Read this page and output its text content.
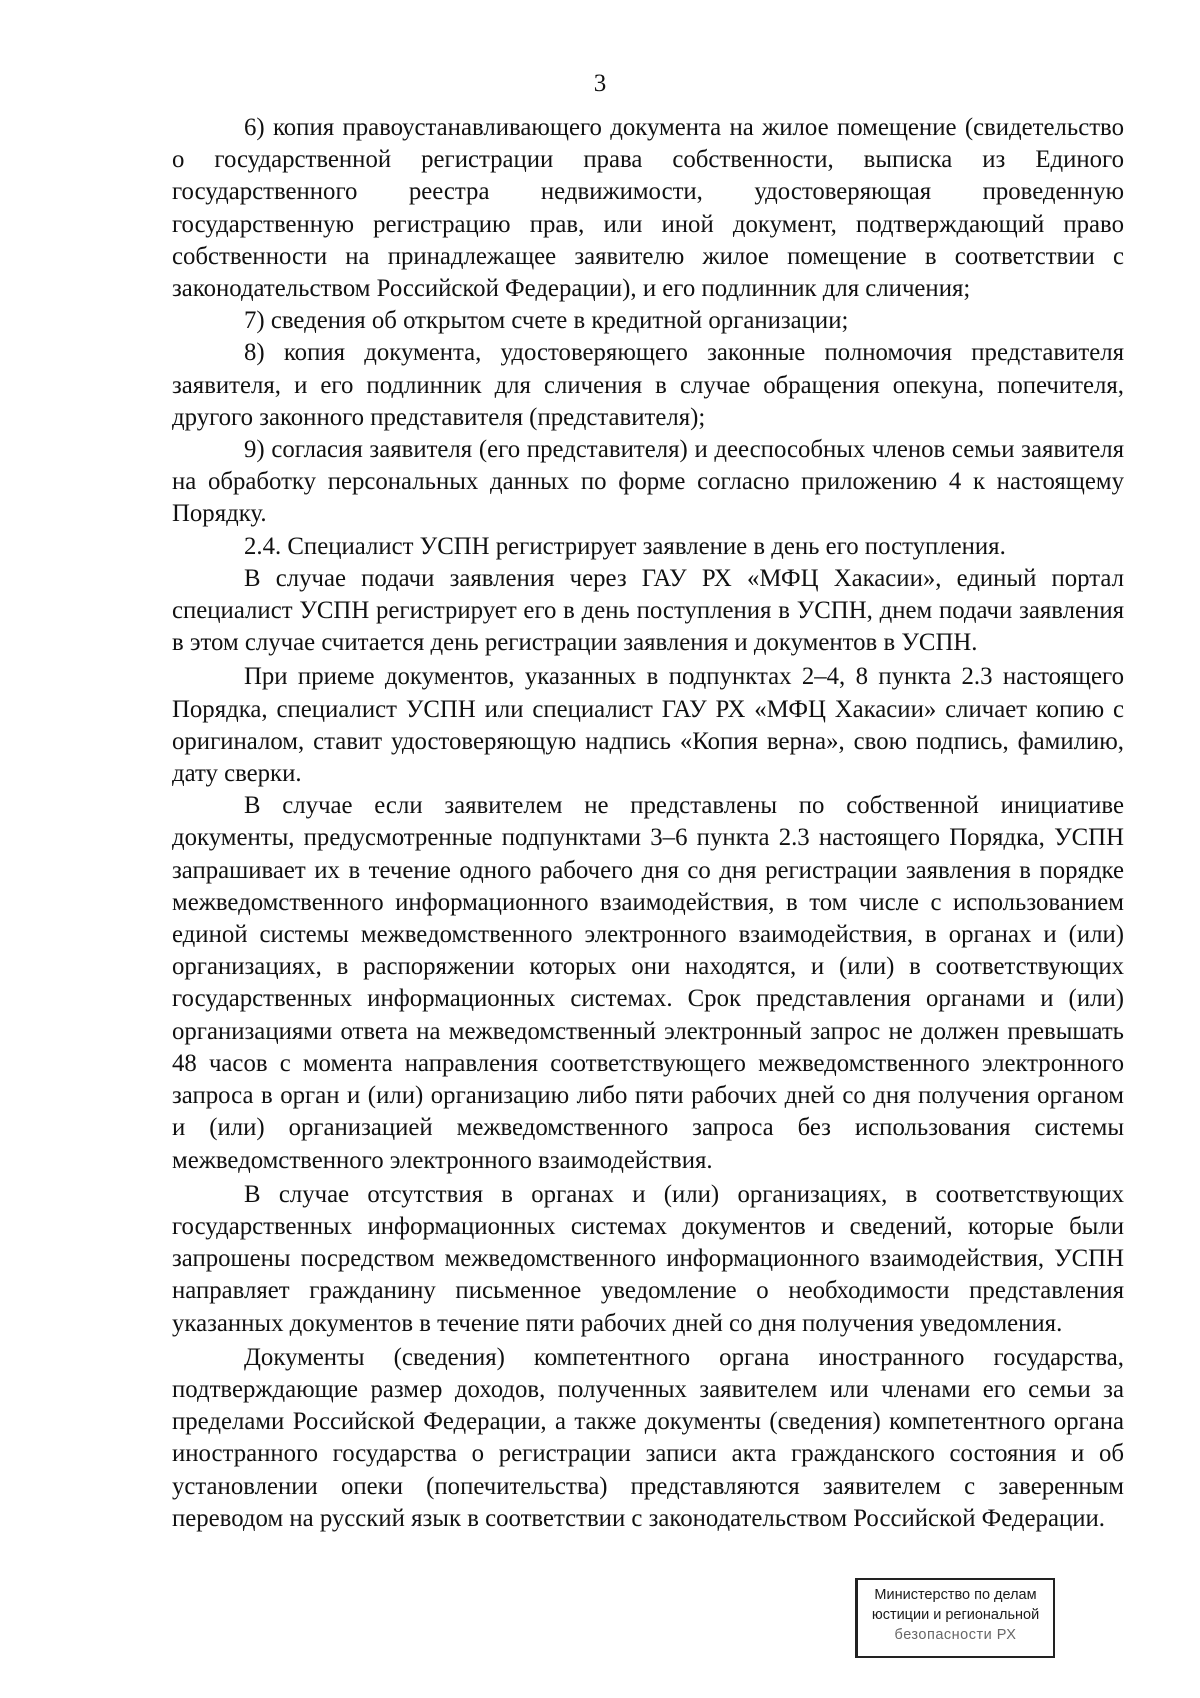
3

6) копия правоустанавливающего документа на жилое помещение (свидетельство о государственной регистрации права собственности, выписка из Единого государственного реестра недвижимости, удостоверяющая проведенную государственную регистрацию прав, или иной документ, подтверждающий право собственности на принадлежащее заявителю жилое помещение в соответствии с законодательством Российской Федерации), и его подлинник для сличения;

7) сведения об открытом счете в кредитной организации;

8) копия документа, удостоверяющего законные полномочия представителя заявителя, и его подлинник для сличения в случае обращения опекуна, попечителя, другого законного представителя (представителя);

9) согласия заявителя (его представителя) и дееспособных членов семьи заявителя на обработку персональных данных по форме согласно приложению 4 к настоящему Порядку.

2.4. Специалист УСПН регистрирует заявление в день его поступления.

В случае подачи заявления через ГАУ РХ «МФЦ Хакасии», единый портал специалист УСПН регистрирует его в день поступления в УСПН, днем подачи заявления в этом случае считается день регистрации заявления и документов в УСПН.

При приеме документов, указанных в подпунктах 2–4, 8 пункта 2.3 настоящего Порядка, специалист УСПН или специалист ГАУ РХ «МФЦ Хакасии» сличает копию с оригиналом, ставит удостоверяющую надпись «Копия верна», свою подпись, фамилию, дату сверки.

В случае если заявителем не представлены по собственной инициативе документы, предусмотренные подпунктами 3–6 пункта 2.3 настоящего Порядка, УСПН запрашивает их в течение одного рабочего дня со дня регистрации заявления в порядке межведомственного информационного взаимодействия, в том числе с использованием единой системы межведомственного электронного взаимодействия, в органах и (или) организациях, в распоряжении которых они находятся, и (или) в соответствующих государственных информационных системах. Срок представления органами и (или) организациями ответа на межведомственный электронный запрос не должен превышать 48 часов с момента направления соответствующего межведомственного электронного запроса в орган и (или) организацию либо пяти рабочих дней со дня получения органом и (или) организацией межведомственного запроса без использования системы межведомственного электронного взаимодействия.

В случае отсутствия в органах и (или) организациях, в соответствующих государственных информационных системах документов и сведений, которые были запрошены посредством межведомственного информационного взаимодействия, УСПН направляет гражданину письменное уведомление о необходимости представления указанных документов в течение пяти рабочих дней со дня получения уведомления.

Документы (сведения) компетентного органа иностранного государства, подтверждающие размер доходов, полученных заявителем или членами его семьи за пределами Российской Федерации, а также документы (сведения) компетентного органа иностранного государства о регистрации записи акта гражданского состояния и об установлении опеки (попечительства) представляются заявителем с заверенным переводом на русский язык в соответствии с законодательством Российской Федерации.

Министерство по делам
юстиции и региональной
безопасности РХ
